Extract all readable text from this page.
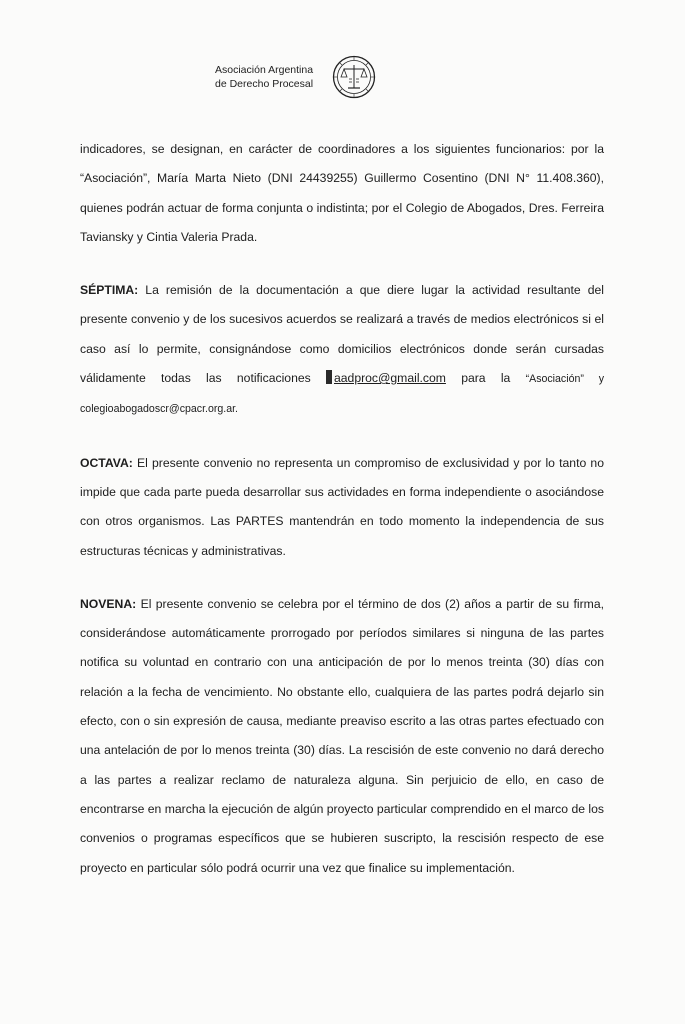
Asociación Argentina
de Derecho Procesal

indicadores, se designan, en carácter de coordinadores a los siguientes funcionarios: por la “Asociación”, María Marta Nieto (DNI 24439255) Guillermo Cosentino (DNI N° 11.408.360), quienes podrán actuar de forma conjunta o indistinta; por el Colegio de Abogados, Dres. Ferreira Taviansky y Cintia Valeria Prada.

SÉPTIMA: La remisión de la documentación a que diere lugar la actividad resultante del presente convenio y de los sucesivos acuerdos se realizará a través de medios electrónicos si el caso así lo permite, consignándose como domicilios electrónicos donde serán cursadas válidamente todas las notificaciones aadproc@gmail.com para la “Asociación” y colegioabogadoscr@cpacr.org.ar.

OCTAVA: El presente convenio no representa un compromiso de exclusividad y por lo tanto no impide que cada parte pueda desarrollar sus actividades en forma independiente o asociándose con otros organismos. Las PARTES mantendrán en todo momento la independencia de sus estructuras técnicas y administrativas.

NOVENA: El presente convenio se celebra por el término de dos (2) años a partir de su firma, considerándose automáticamente prorrogado por períodos similares si ninguna de las partes notifica su voluntad en contrario con una anticipación de por lo menos treinta (30) días con relación a la fecha de vencimiento. No obstante ello, cualquiera de las partes podrá dejarlo sin efecto, con o sin expresión de causa, mediante preaviso escrito a las otras partes efectuado con una antelación de por lo menos treinta (30) días. La rescisión de este convenio no dará derecho a las partes a realizar reclamo de naturaleza alguna. Sin perjuicio de ello, en caso de encontrarse en marcha la ejecución de algún proyecto particular comprendido en el marco de los convenios o programas específicos que se hubieren suscripto, la rescisión respecto de ese proyecto en particular sólo podrá ocurrir una vez que finalice su implementación.
